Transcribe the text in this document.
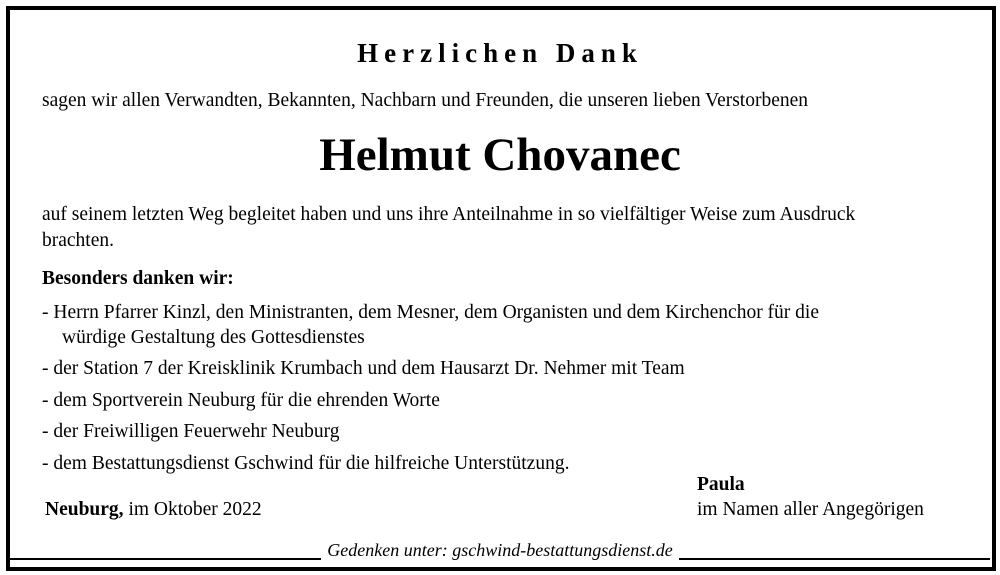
Herzlichen Dank
sagen wir allen Verwandten, Bekannten, Nachbarn und Freunden, die unseren lieben Verstorbenen
Helmut Chovanec
auf seinem letzten Weg begleitet haben und uns ihre Anteilnahme in so vielfältiger Weise zum Ausdruck
brachten.
Besonders danken wir:
- Herrn Pfarrer Kinzl, den Ministranten, dem Mesner, dem Organisten und dem Kirchenchor für die
würdige Gestaltung des Gottesdienstes
- der Station 7 der Kreisklinik Krumbach und dem Hausarzt Dr. Nehmer mit Team
- dem Sportverein Neuburg für die ehrenden Worte
- der Freiwilligen Feuerwehr Neuburg
- dem Bestattungsdienst Gschwind für die hilfreiche Unterstützung.
Neuburg, im Oktober 2022
Paula
im Namen aller Angegörigen
Gedenken unter: gschwind-bestattungsdienst.de
